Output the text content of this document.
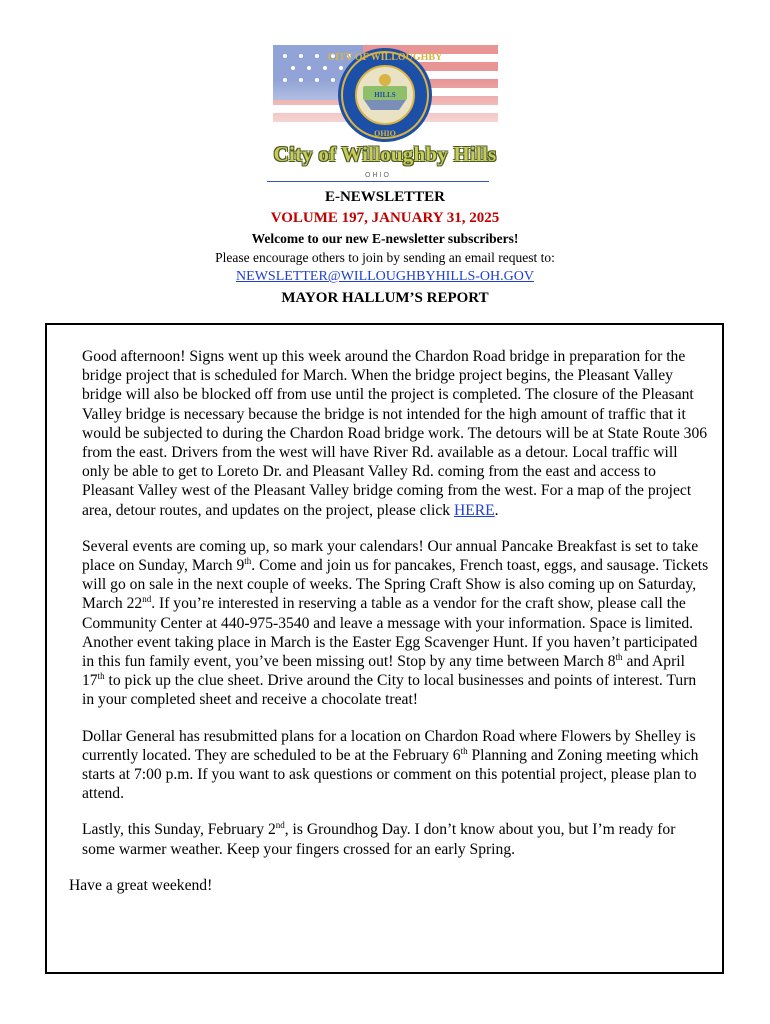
CITY OF WILLOUGHBY
HILLS
OHIO
City of Willoughby Hills
OHIO
E-NEWSLETTER
VOLUME 197, JANUARY 31, 2025
Welcome to our new E-newsletter subscribers!
Please encourage others to join by sending an email request to:
NEWSLETTER@WILLOUGHBYHILLS-OH.GOV
MAYOR HALLUM’S REPORT

Good afternoon! Signs went up this week around the Chardon Road bridge in preparation for the bridge project that is scheduled for March. When the bridge project begins, the Pleasant Valley bridge will also be blocked off from use until the project is completed. The closure of the Pleasant Valley bridge is necessary because the bridge is not intended for the high amount of traffic that it would be subjected to during the Chardon Road bridge work. The detours will be at State Route 306 from the east. Drivers from the west will have River Rd. available as a detour. Local traffic will only be able to get to Loreto Dr. and Pleasant Valley Rd. coming from the east and access to Pleasant Valley west of the Pleasant Valley bridge coming from the west. For a map of the project area, detour routes, and updates on the project, please click HERE.

Several events are coming up, so mark your calendars! Our annual Pancake Breakfast is set to take place on Sunday, March 9th. Come and join us for pancakes, French toast, eggs, and sausage. Tickets will go on sale in the next couple of weeks. The Spring Craft Show is also coming up on Saturday, March 22nd. If you’re interested in reserving a table as a vendor for the craft show, please call the Community Center at 440-975-3540 and leave a message with your information. Space is limited. Another event taking place in March is the Easter Egg Scavenger Hunt. If you haven’t participated in this fun family event, you’ve been missing out! Stop by any time between March 8th and April 17th to pick up the clue sheet. Drive around the City to local businesses and points of interest. Turn in your completed sheet and receive a chocolate treat!

Dollar General has resubmitted plans for a location on Chardon Road where Flowers by Shelley is currently located. They are scheduled to be at the February 6th Planning and Zoning meeting which starts at 7:00 p.m. If you want to ask questions or comment on this potential project, please plan to attend.

Lastly, this Sunday, February 2nd, is Groundhog Day. I don’t know about you, but I’m ready for some warmer weather. Keep your fingers crossed for an early Spring.

Have a great weekend!
